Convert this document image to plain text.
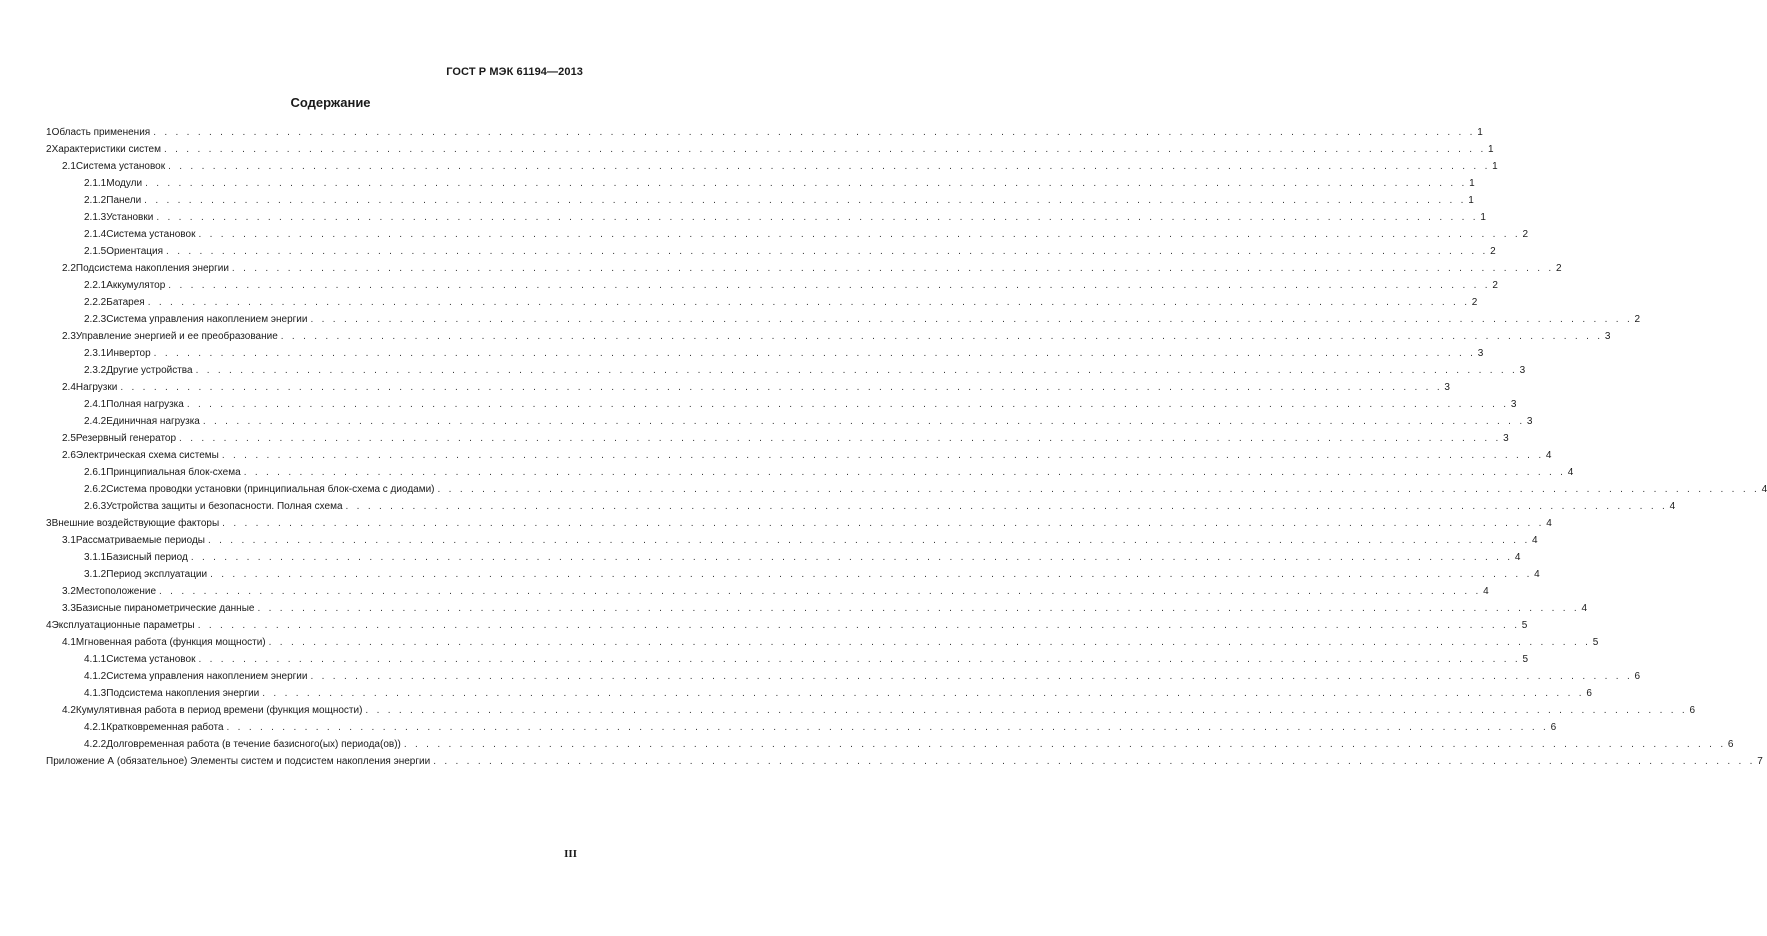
ГОСТ Р МЭК 61194—2013
Содержание
1 Область применения . . .	1
2 Характеристики систем . . .	1
2.1 Система установок . . .	1
2.1.1 Модули . . .	1
2.1.2 Панели . . .	1
2.1.3 Установки . . .	1
2.1.4 Система установок . . .	2
2.1.5 Ориентация . . .	2
2.2 Подсистема накопления энергии . . .	2
2.2.1 Аккумулятор . . .	2
2.2.2 Батарея . . .	2
2.2.3 Система управления накоплением энергии . . .	2
2.3 Управление энергией и ее преобразование . . .	3
2.3.1 Инвертор . . .	3
2.3.2 Другие устройства . . .	3
2.4 Нагрузки . . .	3
2.4.1 Полная нагрузка . . .	3
2.4.2 Единичная нагрузка . . .	3
2.5 Резервный генератор . . .	3
2.6 Электрическая схема системы . . .	4
2.6.1 Принципиальная блок-схема . . .	4
2.6.2 Система проводки установки (принципиальная блок-схема с диодами) . . .	4
2.6.3 Устройства защиты и безопасности. Полная схема . . .	4
3 Внешние воздействующие факторы . . .	4
3.1 Рассматриваемые периоды . . .	4
3.1.1 Базисный период . . .	4
3.1.2 Период эксплуатации . . .	4
3.2 Местоположение . . .	4
3.3 Базисные пиранометрические данные . . .	4
4 Эксплуатационные параметры . . .	5
4.1 Мгновенная работа (функция мощности) . . .	5
4.1.1 Система установок . . .	5
4.1.2 Система управления накоплением энергии . . .	6
4.1.3 Подсистема накопления энергии . . .	6
4.2 Кумулятивная работа в период времени (функция мощности) . . .	6
4.2.1 Кратковременная работа . . .	6
4.2.2 Долговременная работа (в течение базисного(ых) периода(ов)) . . .	6
Приложение А (обязательное) Элементы систем и подсистем накопления энергии . . .	7
III
